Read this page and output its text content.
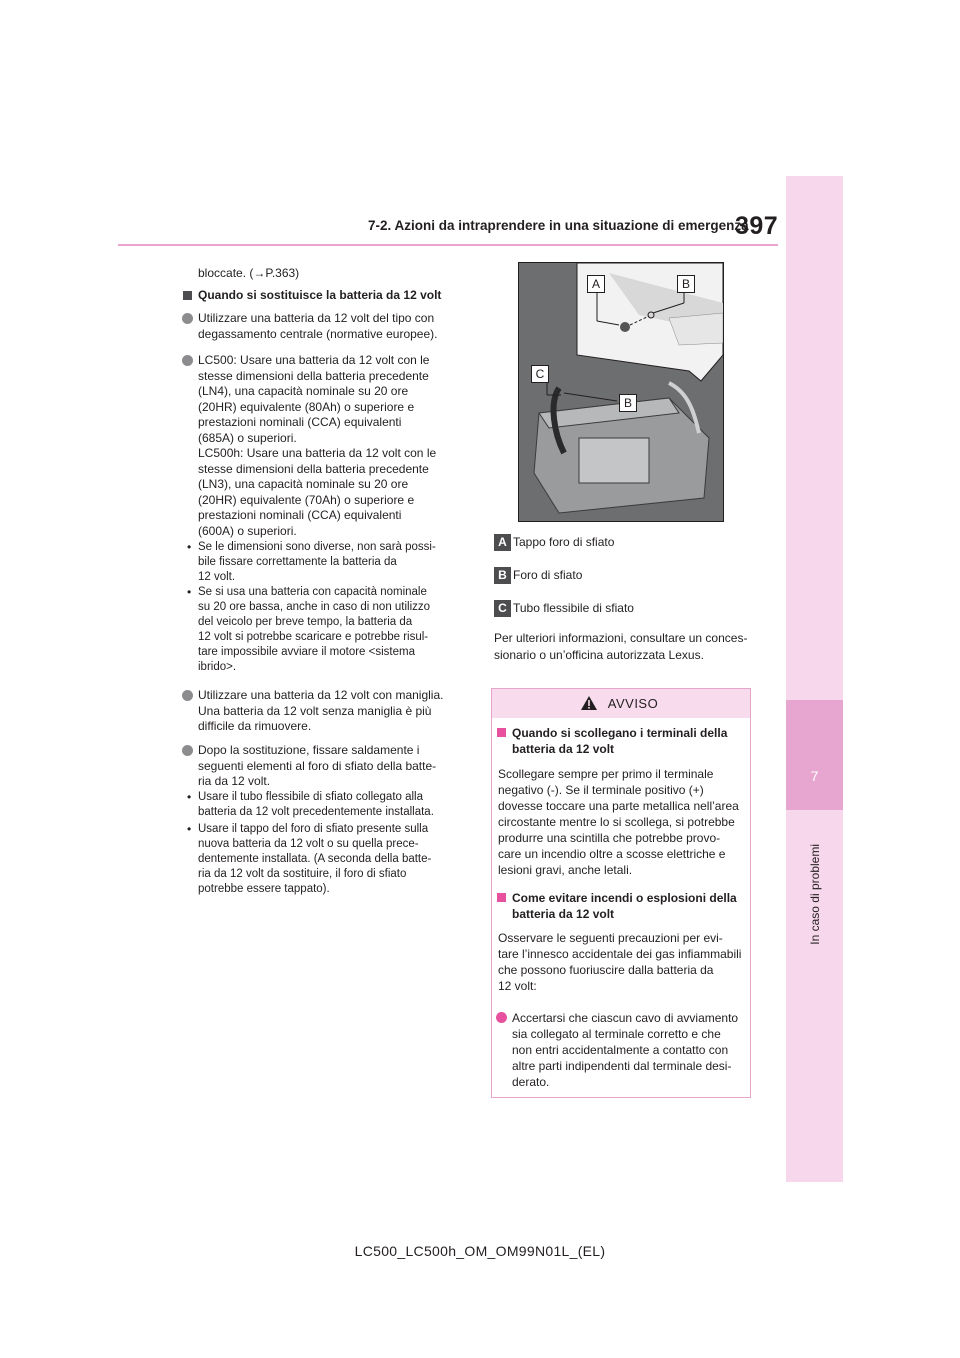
7-2. Azioni da intraprendere in una situazione di emergenza
397
7
In caso di problemi
bloccate. (→P.363)
Quando si sostituisce la batteria da 12 volt
Utilizzare una batteria da 12 volt del tipo con
degassamento centrale (normative europee).
LC500: Usare una batteria da 12 volt con le
stesse dimensioni della batteria precedente
(LN4), una capacità nominale su 20 ore
(20HR) equivalente (80Ah) o superiore e
prestazioni nominali (CCA) equivalenti
(685A) o superiori.
LC500h: Usare una batteria da 12 volt con le
stesse dimensioni della batteria precedente
(LN3), una capacità nominale su 20 ore
(20HR) equivalente (70Ah) o superiore e
prestazioni nominali (CCA) equivalenti
(600A) o superiori.
• Se le dimensioni sono diverse, non sarà possi-
bile fissare correttamente la batteria da
12 volt.
• Se si usa una batteria con capacità nominale
su 20 ore bassa, anche in caso di non utilizzo
del veicolo per breve tempo, la batteria da
12 volt si potrebbe scaricare e potrebbe risul-
tare impossibile avviare il motore <sistema
ibrido>.
Utilizzare una batteria da 12 volt con maniglia.
Una batteria da 12 volt senza maniglia è più
difficile da rimuovere.
Dopo la sostituzione, fissare saldamente i
seguenti elementi al foro di sfiato della batte-
ria da 12 volt.
• Usare il tubo flessibile di sfiato collegato alla
batteria da 12 volt precedentemente installata.
• Usare il tappo del foro di sfiato presente sulla
nuova batteria da 12 volt o su quella prece-
dentemente installata. (A seconda della batte-
ria da 12 volt da sostituire, il foro di sfiato
potrebbe essere tappato).
A	B
C
B
A Tappo foro di sfiato
B Foro di sfiato
C Tubo flessibile di sfiato
Per ulteriori informazioni, consultare un conces-
sionario o un’officina autorizzata Lexus.
AVVISO
Quando si scollegano i terminali della
batteria da 12 volt
Scollegare sempre per primo il terminale
negativo (-). Se il terminale positivo (+)
dovesse toccare una parte metallica nell’area
circostante mentre lo si scollega, si potrebbe
produrre una scintilla che potrebbe provo-
care un incendio oltre a scosse elettriche e
lesioni gravi, anche letali.
Come evitare incendi o esplosioni della
batteria da 12 volt
Osservare le seguenti precauzioni per evi-
tare l’innesco accidentale dei gas infiammabili
che possono fuoriuscire dalla batteria da
12 volt:
Accertarsi che ciascun cavo di avviamento
sia collegato al terminale corretto e che
non entri accidentalmente a contatto con
altre parti indipendenti dal terminale desi-
derato.
LC500_LC500h_OM_OM99N01L_(EL)
